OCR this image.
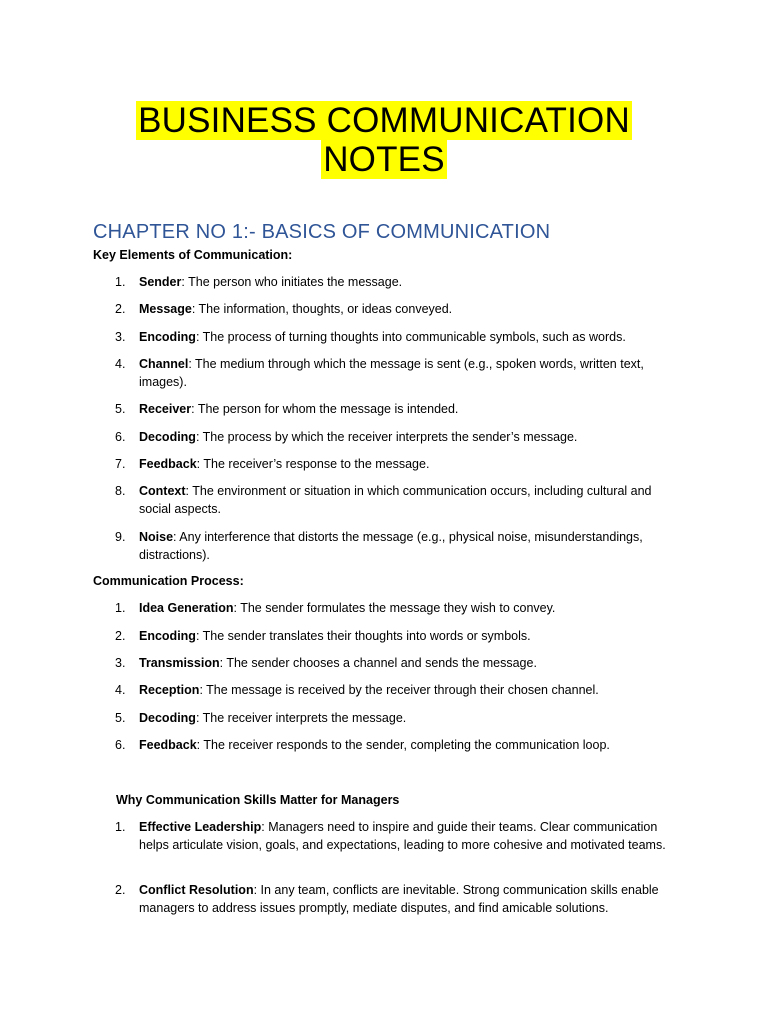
BUSINESS COMMUNICATION
NOTES
CHAPTER NO 1:- BASICS OF COMMUNICATION
Key Elements of Communication:
1.	Sender: The person who initiates the message.
2.	Message: The information, thoughts, or ideas conveyed.
3.	Encoding: The process of turning thoughts into communicable symbols, such as words.
4.	Channel: The medium through which the message is sent (e.g., spoken words, written text, images).
5.	Receiver: The person for whom the message is intended.
6.	Decoding: The process by which the receiver interprets the sender’s message.
7.	Feedback: The receiver’s response to the message.
8.	Context: The environment or situation in which communication occurs, including cultural and social aspects.
9.	Noise: Any interference that distorts the message (e.g., physical noise, misunderstandings, distractions).
Communication Process:
1.	Idea Generation: The sender formulates the message they wish to convey.
2.	Encoding: The sender translates their thoughts into words or symbols.
3.	Transmission: The sender chooses a channel and sends the message.
4.	Reception: The message is received by the receiver through their chosen channel.
5.	Decoding: The receiver interprets the message.
6.	Feedback: The receiver responds to the sender, completing the communication loop.
Why Communication Skills Matter for Managers
1.	Effective Leadership: Managers need to inspire and guide their teams. Clear communication helps articulate vision, goals, and expectations, leading to more cohesive and motivated teams.
2.	Conflict Resolution: In any team, conflicts are inevitable. Strong communication skills enable managers to address issues promptly, mediate disputes, and find amicable solutions.
